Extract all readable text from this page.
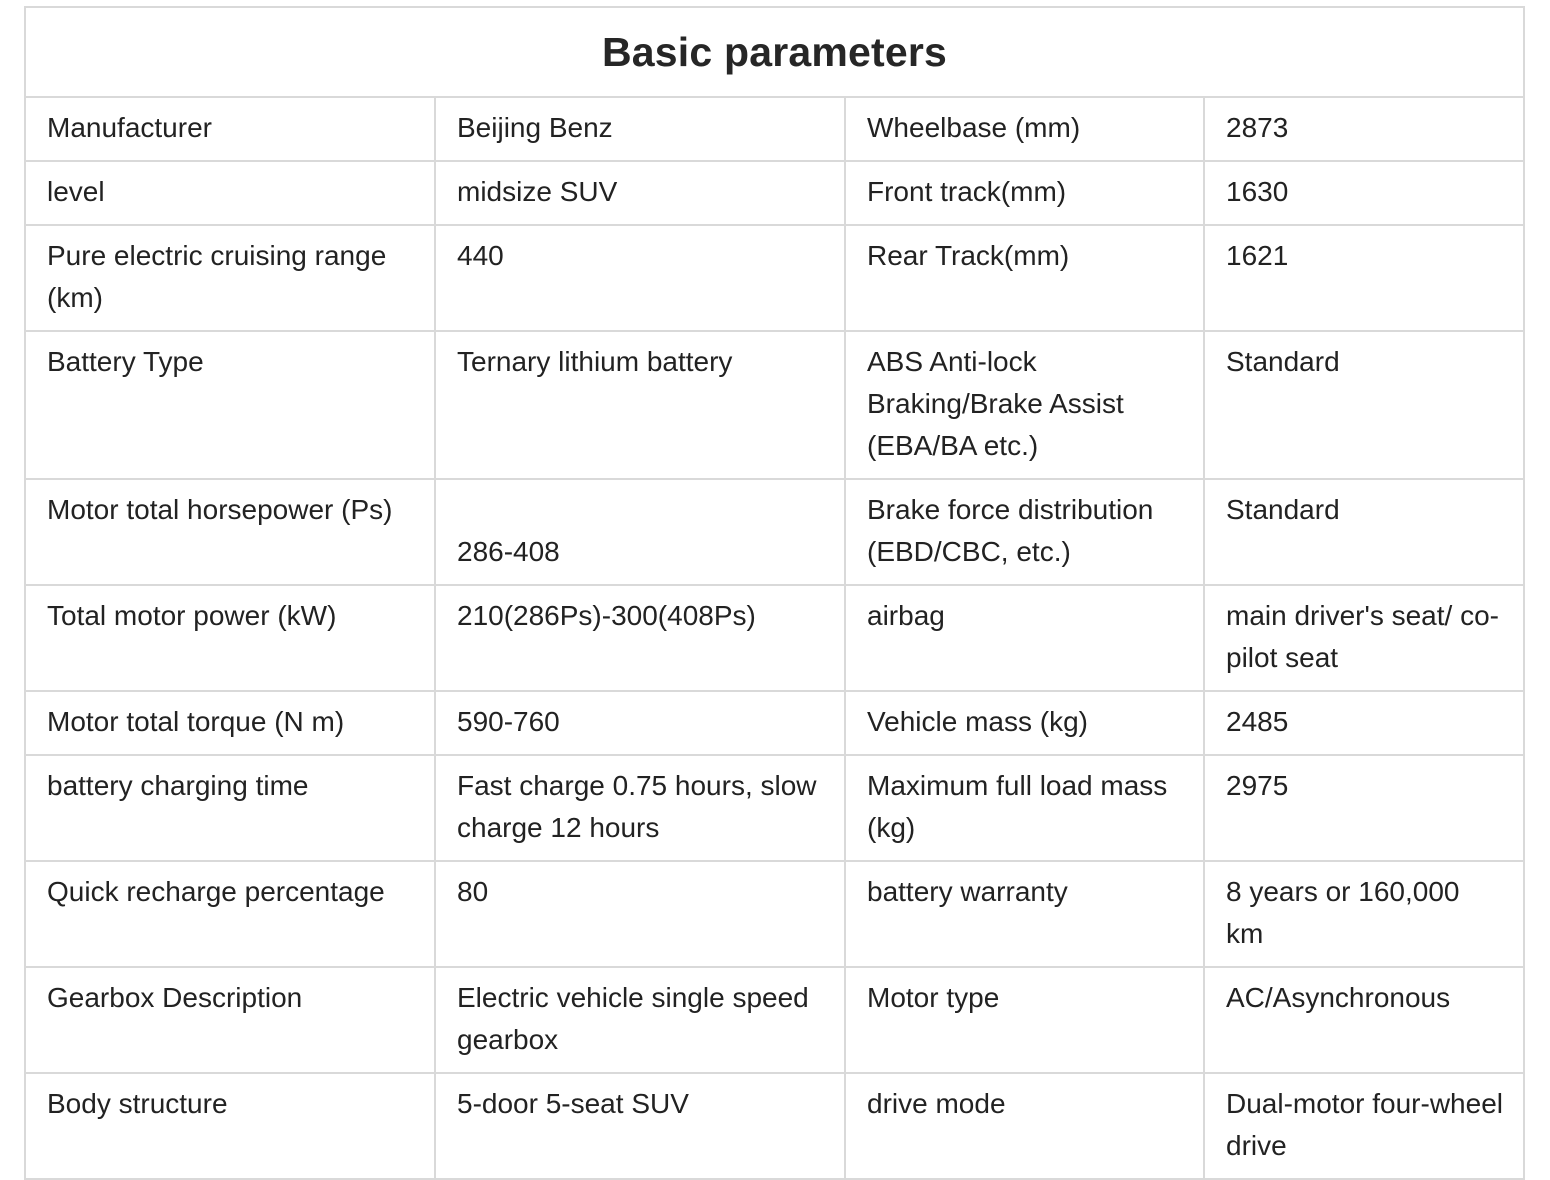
Basic parameters			
Manufacturer	Beijing Benz	Wheelbase (mm)	2873
level	midsize SUV	Front track(mm)	1630
Pure electric cruising range (km)	440	Rear Track(mm)	1621
Battery Type	Ternary lithium battery	ABS Anti-lock Braking/Brake Assist (EBA/BA etc.)	Standard
Motor total horsepower (Ps)	286-408	Brake force distribution (EBD/CBC, etc.)	Standard
Total motor power (kW)	210(286Ps)-300(408Ps)	airbag	main driver's seat/ co-pilot seat
Motor total torque (N m)	590-760	Vehicle mass (kg)	2485
battery charging time	Fast charge 0.75 hours, slow charge 12 hours	Maximum full load mass (kg)	2975
Quick recharge percentage	80	battery warranty	8 years or 160,000 km
Gearbox Description	Electric vehicle single speed gearbox	Motor type	AC/Asynchronous
Body structure	5-door 5-seat SUV	drive mode	Dual-motor four-wheel drive
